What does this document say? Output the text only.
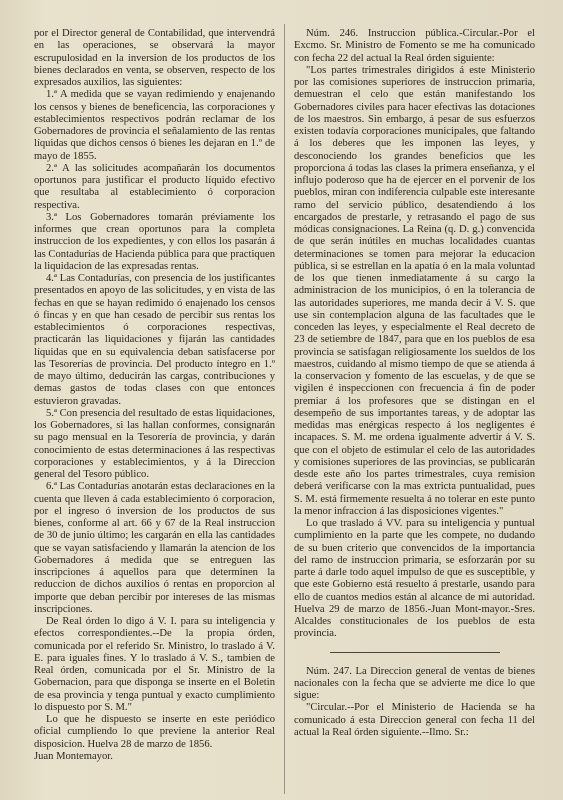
por el Director general de Contabilidad, que intervendrá en las operaciones, se observará la mayor escrupulosidad en la inversion de los productos de los bienes declarados en venta, se observen, respecto de los expresados auxilios, las siguientes:

1.ª A medida que se vayan redimiendo y enajenando los censos y bienes de beneficencia, las corporaciones y establecimientos respectivos podrán reclamar de los Gobernadores de provincia el señalamiento de las rentas líquidas que dichos censos ó bienes les dejaran en 1.º de mayo de 1855.

2.ª A las solicitudes acompañarán los documentos oportunos para justificar el producto líquido efectivo que resultaba al establecimiento ó corporacion respectiva.

3.ª Los Gobernadores tomarán préviamente los informes que crean oportunos para la completa instruccion de los expedientes, y con ellos los pasarán á las Contadurías de Hacienda pública para que practiquen la liquidacion de las expresadas rentas.

4.ª Las Contadurías, con presencia de los justificantes presentados en apoyo de las solicitudes, y en vista de las fechas en que se hayan redimido ó enajenado los censos ó fincas y en que han cesado de percibir sus rentas los establecimientos ó corporaciones respectivas, practicarán las liquidaciones y fijarán las cantidades líquidas que en su equivalencia deban satisfacerse por las Tesorerías de provincia. Del producto íntegro en 1.º de mayo último, deducirán las cargas, contribuciones y demas gastos de todas clases con que entonces estuvieron gravadas.

5.ª Con presencia del resultado de estas liquidaciones, los Gobernadores, si las hallan conformes, consignarán su pago mensual en la Tesorería de provincia, y darán conocimiento de estas determinaciones á las respectivas corporaciones y establecimientos, y á la Direccion general del Tesoro público.

6.ª Las Contadurías anotarán estas declaraciones en la cuenta que lleven á cada establecimiento ó corporacion, por el ingreso ó inversion de los productos de sus bienes, conforme al art. 66 y 67 de la Real instruccion de 30 de junio último; les cargarán en ella las cantidades que se vayan satisfaciendo y llamarán la atencion de los Gobernadores á medida que se entreguen las inscripciones á aquellos para que determinen la reduccion de dichos auxilios ó rentas en proporcion al importe que deban percibir por intereses de las mismas inscripciones.

De Real órden lo digo á V. I. para su inteligencia y efectos correspondientes.--De la propia órden, comunicada por el referido Sr. Ministro, lo traslado á V. E. para iguales fines. Y lo traslado á V. S., tambien de Real órden, comunicada por el Sr. Ministro de la Gobernacion, para que disponga se inserte en el Boletin de esa provincia y tenga puntual y exacto cumplimiento lo dispuesto por S. M."

Lo que he dispuesto se inserte en este periódico oficial cumpliendo lo que previene la anterior Real disposicion. Huelva 28 de marzo de 1856.

Juan Montemayor.

Núm. 246. Instruccion pública.-Circular.-Por el Excmo. Sr. Ministro de Fomento se me ha comunicado con fecha 22 del actual la Real órden siguiente:

"Los partes trimestrales dirigidos á este Ministerio por las comisiones superiores de instruccion primaria, demuestran el celo que están manifestando los Gobernadores civiles para hacer efectivas las dotaciones de los maestros. Sin embargo, á pesar de sus esfuerzos existen todavía corporaciones municipales, que faltando á los deberes que les imponen las leyes, y desconociendo los grandes beneficios que les proporciona á todas las clases la primera enseñanza, y el influjo poderoso que ha de ejercer en el porvenir de los pueblos, miran con indiferencia culpable este interesante ramo del servicio público, desatendiendo á los encargados de prestarle, y retrasando el pago de sus módicas consignaciones. La Reina (q. D. g.) convencida de que serán inútiles en muchas localidades cuantas determinaciones se tomen para mejorar la educacion pública, si se estrellan en la apatía ó en la mala voluntad de los que tienen inmediatamente á su cargo la administracion de los municipios, ó en la tolerancia de las autoridades superiores, me manda decir á V. S. que use sin contemplacion alguna de las facultades que le conceden las leyes, y especialmente el Real decreto de 23 de setiembre de 1847, para que en los pueblos de esa provincia se satisfagan religiosamente los sueldos de los maestros, cuidando al mismo tiempo de que se atienda á la conservacion y fomento de las escuelas, y de que se vigilen é inspeccionen con frecuencia á fin de poder premiar á los profesores que se distingan en el desempeño de sus importantes tareas, y de adoptar las medidas mas enérgicas respecto á los negligentes é incapaces. S. M. me ordena igualmente advertir á V. S. que con el objeto de estimular el celo de las autoridades y comisiones superiores de las provincias, se publicarán desde este año los partes trimestrales, cuya remision deberá verificarse con la mas extricta puntualidad, pues S. M. está firmemente resuelta á no tolerar en este punto la menor infraccion á las disposiciones vigentes."

Lo que traslado á VV. para su inteligencia y puntual cumplimiento en la parte que les compete, no dudando de su buen criterio que convencidos de la importancia del ramo de instruccion primaria, se esforzarán por su parte á darle todo aquel impulso de que es susceptible, y que este Gobierno está resuelto á prestarle, usando para ello de cuantos medios están al alcance de mi autoridad. Huelva 29 de marzo de 1856.-Juan Mont-mayor.-Sres. Alcaldes constitucionales de los pueblos de esta provincia.

Núm. 247. La Direccion general de ventas de bienes nacionales con la fecha que se advierte me dice lo que sigue:

"Circular.--Por el Ministerio de Hacienda se ha comunicado á esta Direccion general con fecha 11 del actual la Real órden siguiente.--Ilmo. Sr.:
